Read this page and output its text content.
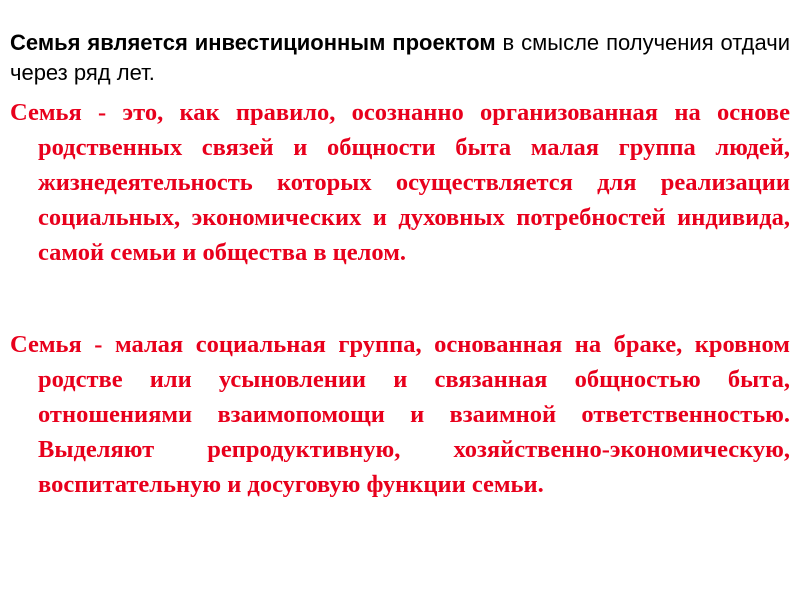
Семья является инвестиционным проектом в смысле получения отдачи через ряд лет.

Семья - это, как правило, осознанно организованная на основе родственных связей и общности быта малая группа людей, жизнедеятельность которых осуществляется для реализации социальных, экономических и духовных потребностей индивида, самой семьи и общества в целом.

Семья - малая социальная группа, основанная на браке, кровном родстве или усыновлении и связанная общностью быта, отношениями взаимопомощи и взаимной ответственностью. Выделяют репродуктивную, хозяйственно-экономическую, воспитательную и досуговую функции семьи.
